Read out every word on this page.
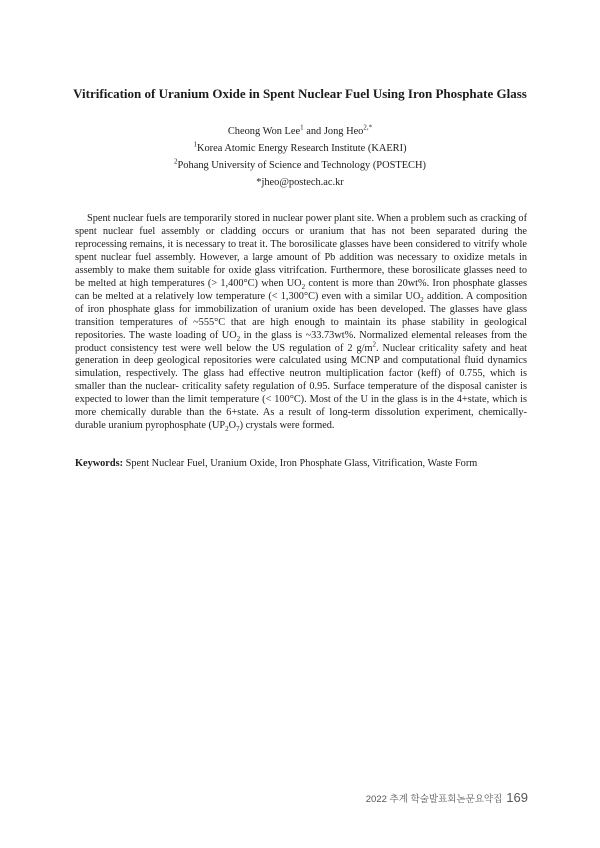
Vitrification of Uranium Oxide in Spent Nuclear Fuel Using Iron Phosphate Glass
Cheong Won Lee$^1$ and Jong Heo$^{2,*}$
$^1$Korea Atomic Energy Research Institute (KAERI)
$^2$Pohang University of Science and Technology (POSTECH)
*jheo@postech.ac.kr

Spent nuclear fuels are temporarily stored in nuclear power plant site. When a problem such as cracking of spent nuclear fuel assembly or cladding occurs or uranium that has not been separated during the reprocessing remains, it is necessary to treat it. The borosilicate glasses have been considered to vitrify whole spent nuclear fuel assembly. However, a large amount of Pb addition was necessary to oxidize metals in assembly to make them suitable for oxide glass vitrifcation. Furthermore, these borosilicate glasses need to be melted at high temperatures (> 1,400°C) when $UO_2$ content is more than 20wt%. Iron phosphate glasses can be melted at a relatively low temperature (< 1,300°C) even with a similar $UO_2$ addition. A composition of iron phosphate glass for immobilization of uranium oxide has been developed. The glasses have glass transition temperatures of ~555°C that are high enough to maintain its phase stability in geological repositories. The waste loading of $UO_2$ in the glass is ~33.73wt%. Normalized elemental releases from the product consistency test were well below the US regulation of 2 $g/m^2$. Nuclear criticality safety and heat generation in deep geological repositories were calculated using MCNP and computational fluid dynamics simulation, respectively. The glass had effective neutron multiplication factor (keff) of 0.755, which is smaller than the nuclear- criticality safety regulation of 0.95. Surface temperature of the disposal canister is expected to lower than the limit temperature (< 100°C). Most of the U in the glass is in the 4+state, which is more chemically durable than the 6+state. As a result of long-term dissolution experiment, chemically-durable uranium pyrophosphate $(UP_2O_7)$ crystals were formed.

Keywords: Spent Nuclear Fuel, Uranium Oxide, Iron Phosphate Glass, Vitrification, Waste Form
2022 추계 학술발표회논문요약집 169
